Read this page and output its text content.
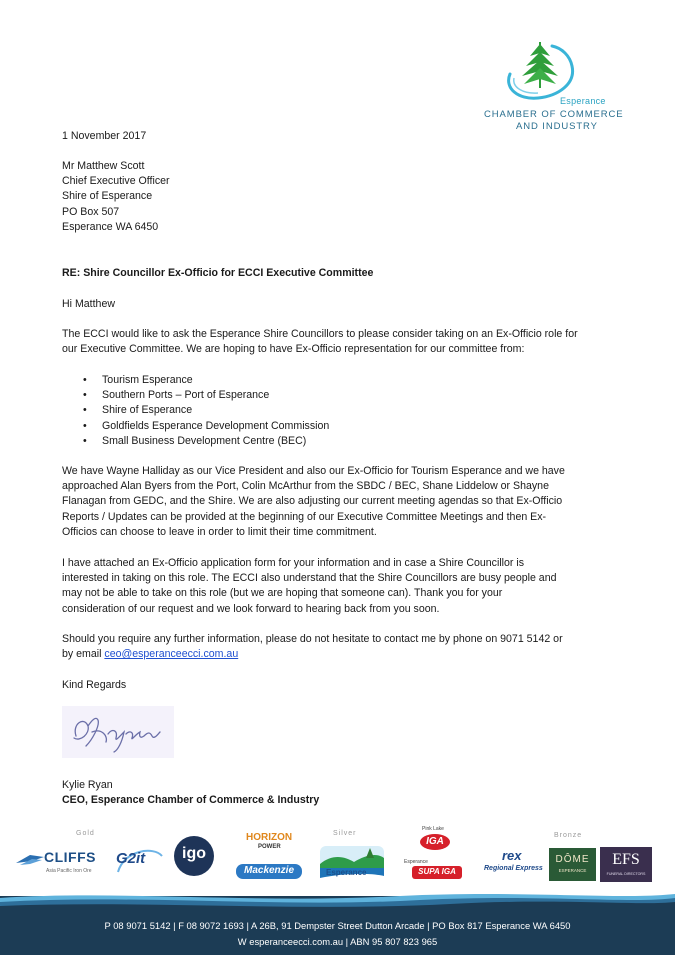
Esperance
CHAMBER OF COMMERCE
AND INDUSTRY
1 November 2017
Mr Matthew Scott
Chief Executive Officer
Shire of Esperance
PO Box 507
Esperance WA 6450
RE: Shire Councillor Ex-Officio for ECCI Executive Committee
Hi Matthew
The ECCI would like to ask the Esperance Shire Councillors to please consider taking on an Ex-Officio role for
our Executive Committee. We are hoping to have Ex-Officio representation for our committee from:
• Tourism Esperance
• Southern Ports – Port of Esperance
• Shire of Esperance
• Goldfields Esperance Development Commission
• Small Business Development Centre (BEC)
We have Wayne Halliday as our Vice President and also our Ex-Officio for Tourism Esperance and we have
approached Alan Byers from the Port, Colin McArthur from the SBDC / BEC, Shane Liddelow or Shayne
Flanagan from GEDC, and the Shire. We are also adjusting our current meeting agendas so that Ex-Officio
Reports / Updates can be provided at the beginning of our Executive Committee Meetings and then Ex-
Officios can choose to leave in order to limit their time commitment.
I have attached an Ex-Officio application form for your information and in case a Shire Councillor is
interested in taking on this role. The ECCI also understand that the Shire Councillors are busy people and
may not be able to take on this role (but we are hoping that someone can). Thank you for your
consideration of our request and we look forward to hearing back from you soon.
Should you require any further information, please do not hesitate to contact me by phone on 9071 5142 or
by email ceo@esperanceecci.com.au
Kind Regards
Kylie Ryan
CEO, Esperance Chamber of Commerce & Industry
Gold	Silver	Bronze
CLIFFS
Asia Pacific Iron Ore
G2it	igo
HORIZON
POWER
Mackenzie	Esperance
Pink Lake
IGA
Esperance
SUPA IGA
rex
Regional Express
DÔME
ESPERANCE
EFS
FUNERAL DIRECTORS
P 08 9071 5142 | F 08 9072 1693 | A 26B, 91 Dempster Street Dutton Arcade | PO Box 817 Esperance WA 6450
W esperanceecci.com.au | ABN 95 807 823 965
